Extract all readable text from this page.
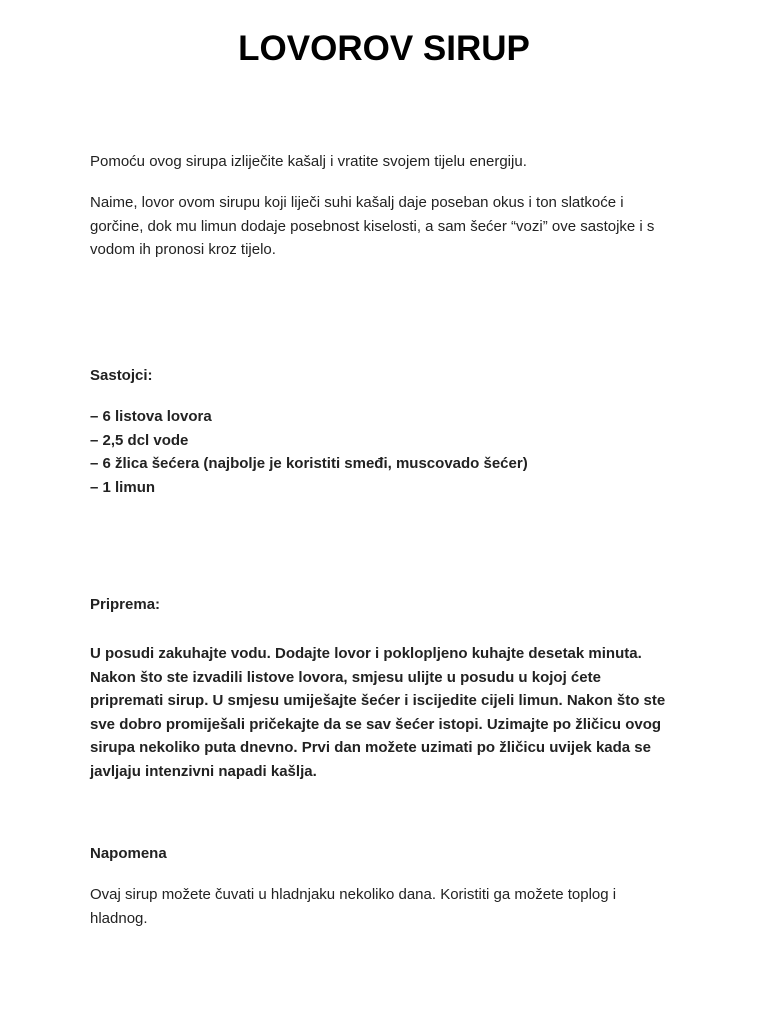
LOVOROV SIRUP

Pomoću ovog sirupa izliječite kašalj i vratite svojem tijelu energiju.

Naime, lovor ovom sirupu koji liječi suhi kašalj daje poseban okus i ton slatkoće i
gorčine, dok mu limun dodaje posebnost kiselosti, a sam šećer “vozi” ove sastojke i s
vodom ih pronosi kroz tijelo.

Sastojci:

– 6 listova lovora
– 2,5 dcl vode
– 6 žlica šećera (najbolje je koristiti smeđi, muscovado šećer)
– 1 limun

Priprema:

U posudi zakuhajte vodu. Dodajte lovor i poklopljeno kuhajte desetak minuta.
Nakon što ste izvadili listove lovora, smjesu ulijte u posudu u kojoj ćete
pripremati sirup. U smjesu umiješajte šećer i iscijedite cijeli limun. Nakon što ste
sve dobro promiješali pričekajte da se sav šećer istopi. Uzimajte po žličicu ovog
sirupa nekoliko puta dnevno. Prvi dan možete uzimati po žličicu uvijek kada se
javljaju intenzivni napadi kašlja.

Napomena

Ovaj sirup možete čuvati u hladnjaku nekoliko dana. Koristiti ga možete toplog i
hladnog.
